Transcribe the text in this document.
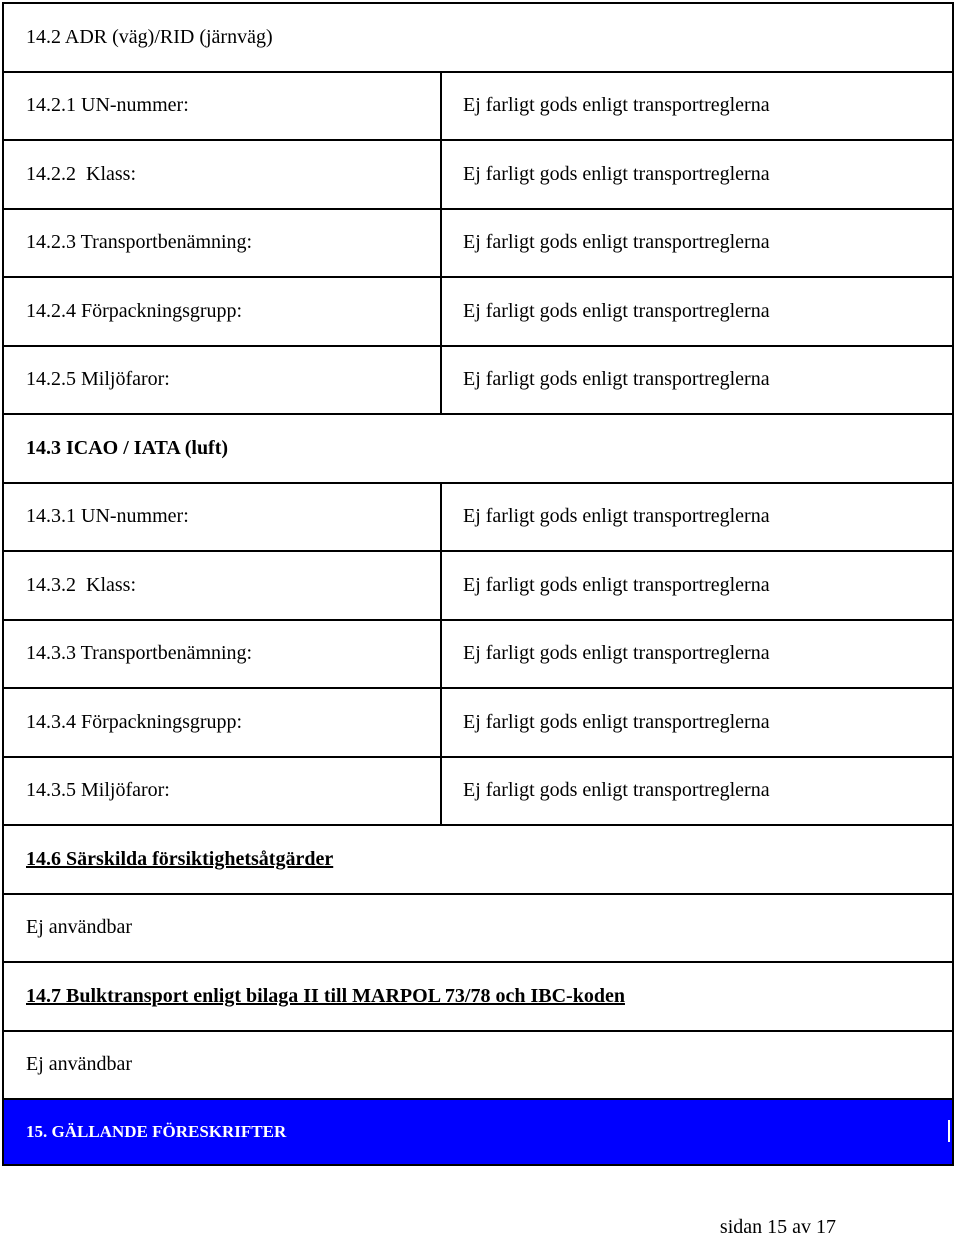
14.2 ADR (väg)/RID (järnväg)
14.2.1 UN-nummer:	Ej farligt gods enligt transportreglerna
14.2.2  Klass:	Ej farligt gods enligt transportreglerna
14.2.3 Transportbenämning:	Ej farligt gods enligt transportreglerna
14.2.4 Förpackningsgrupp:	Ej farligt gods enligt transportreglerna
14.2.5 Miljöfaror:	Ej farligt gods enligt transportreglerna
14.3 ICAO / IATA (luft)
14.3.1 UN-nummer:	Ej farligt gods enligt transportreglerna
14.3.2  Klass:	Ej farligt gods enligt transportreglerna
14.3.3 Transportbenämning:	Ej farligt gods enligt transportreglerna
14.3.4 Förpackningsgrupp:	Ej farligt gods enligt transportreglerna
14.3.5 Miljöfaror:	Ej farligt gods enligt transportreglerna
14.6 Särskilda försiktighetsåtgärder
Ej användbar
14.7 Bulktransport enligt bilaga II till MARPOL 73/78 och IBC-koden
Ej användbar
15. GÄLLANDE FÖRESKRIFTER
sidan 15 av 17
